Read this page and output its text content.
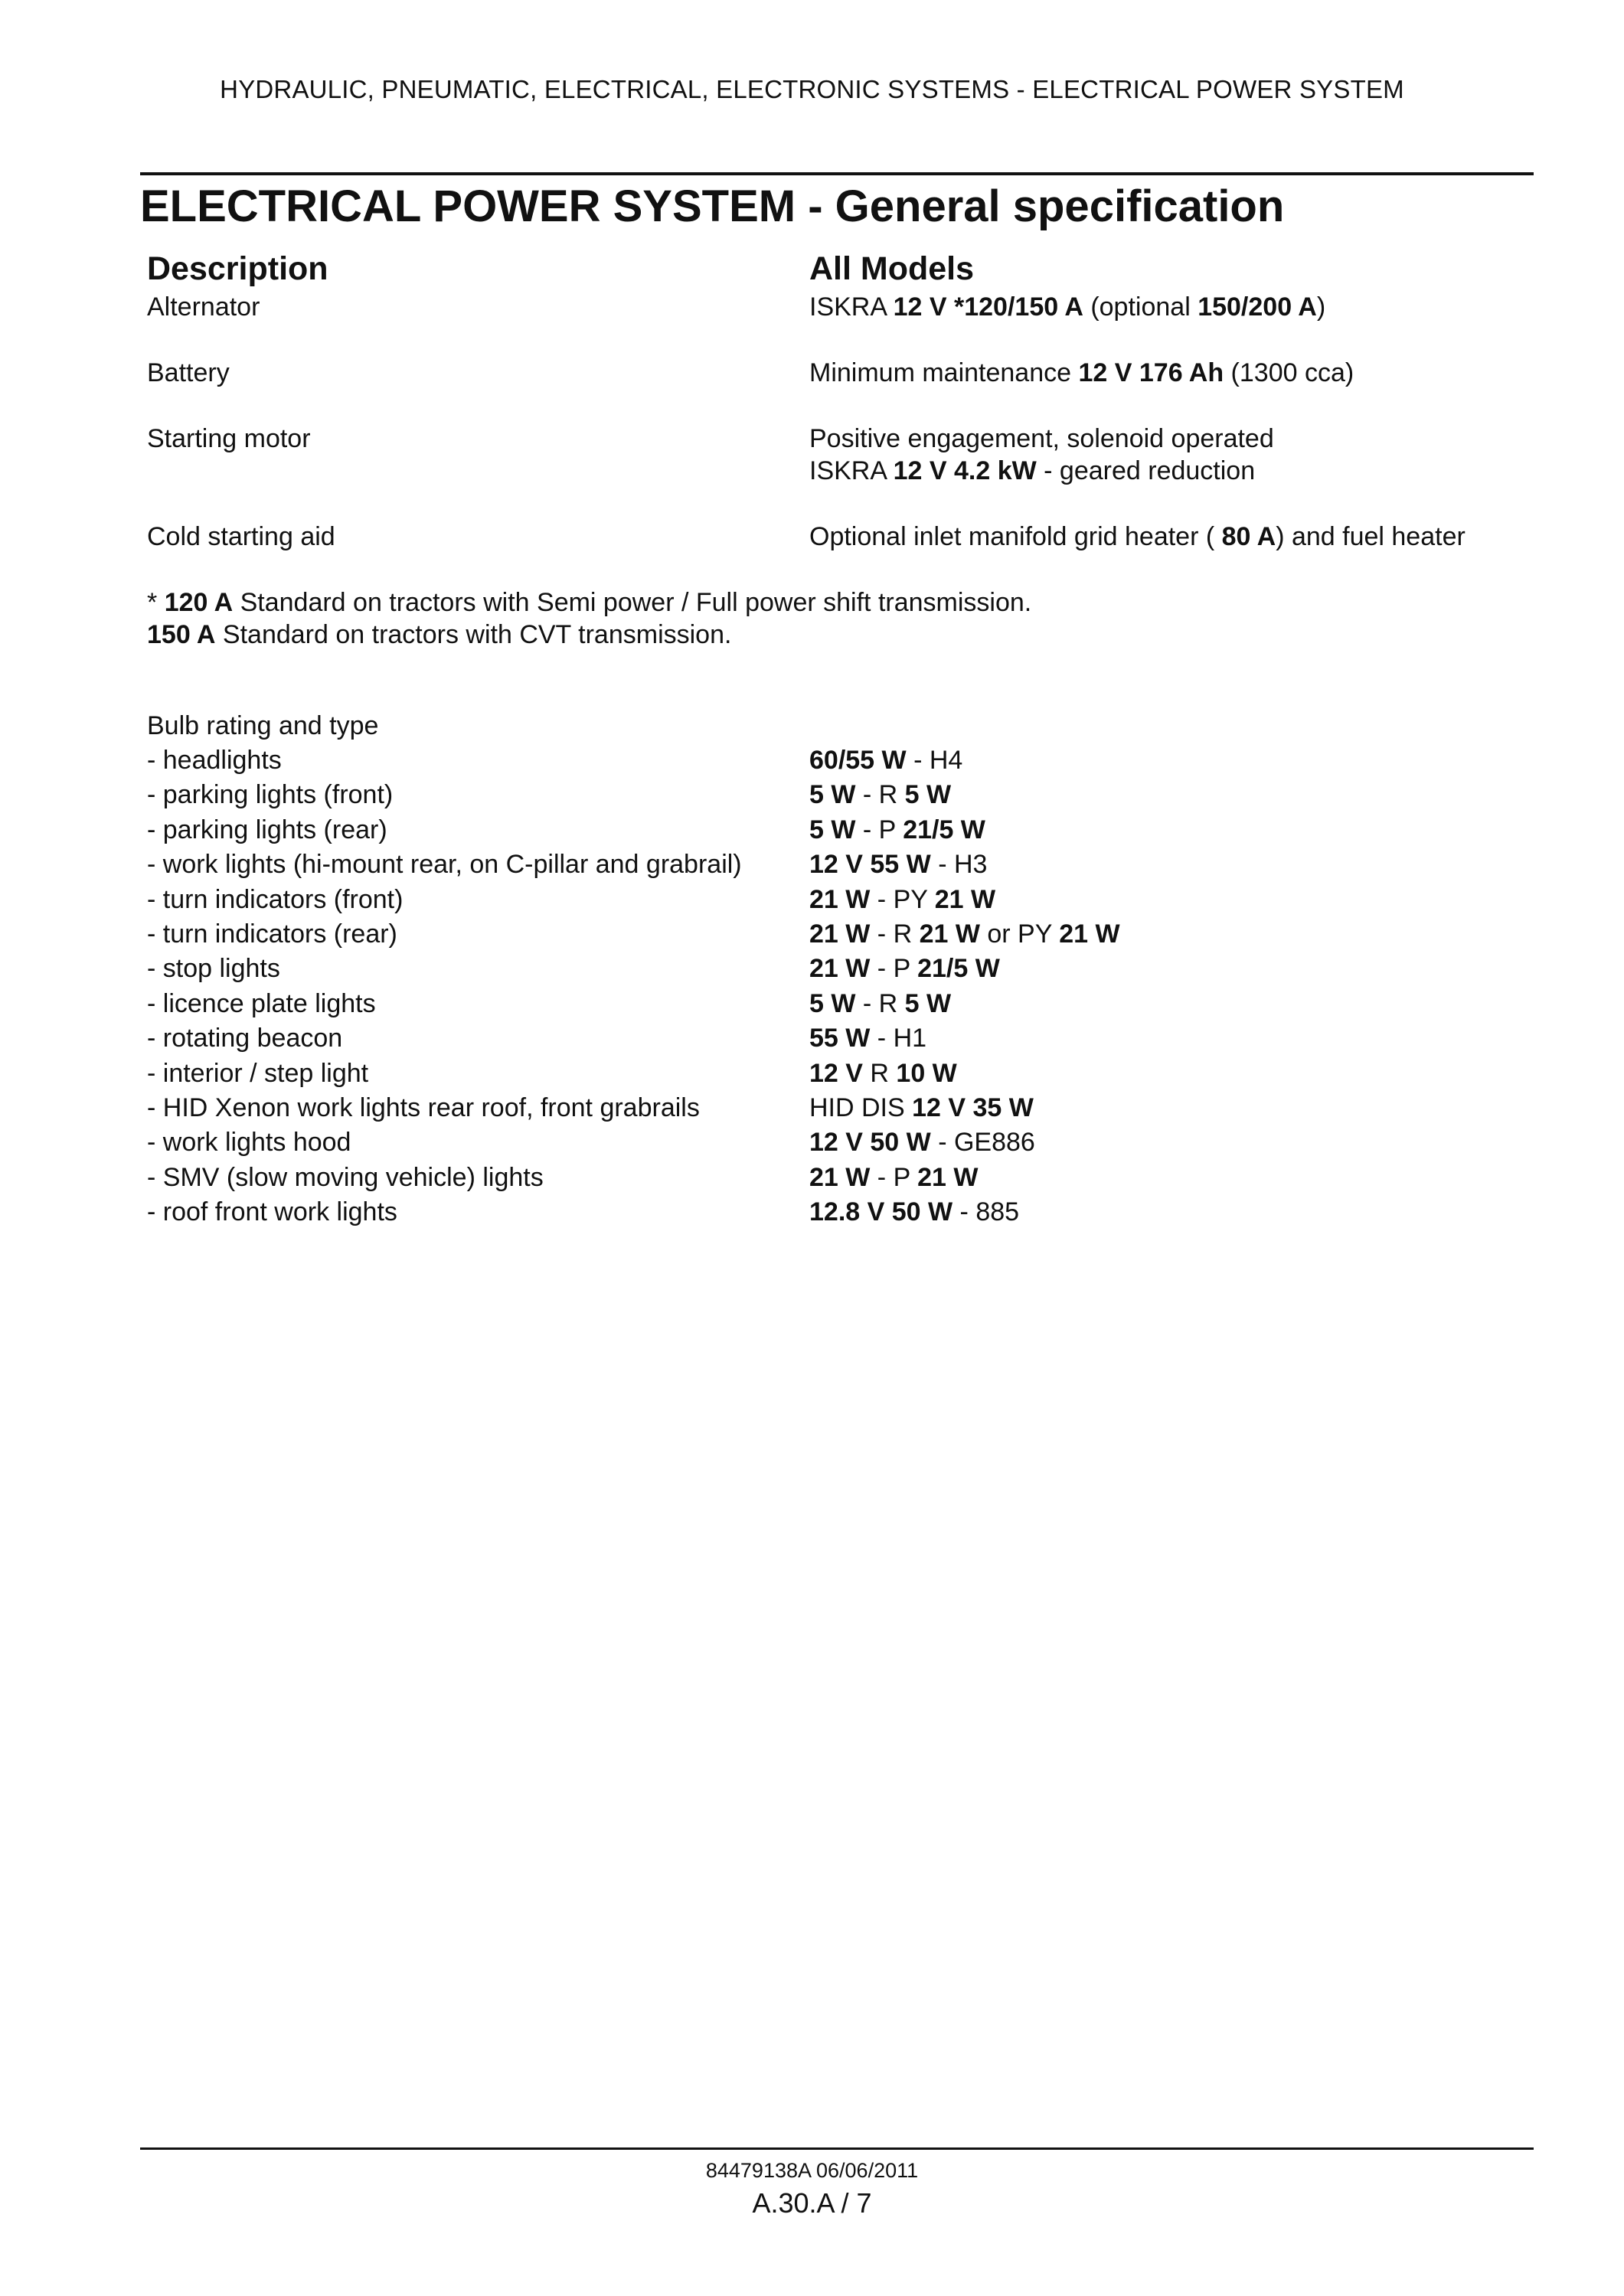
HYDRAULIC, PNEUMATIC, ELECTRICAL, ELECTRONIC SYSTEMS - ELECTRICAL POWER SYSTEM
ELECTRICAL POWER SYSTEM - General specification
Description	All Models
Alternator	ISKRA 12 V *120/150 A (optional 150/200 A)
Battery	Minimum maintenance 12 V 176 Ah (1300 cca)
Starting motor	Positive engagement, solenoid operated
ISKRA 12 V 4.2 kW - geared reduction
Cold starting aid	Optional inlet manifold grid heater ( 80 A) and fuel heater
* 120 A Standard on tractors with Semi power / Full power shift transmission.
150 A Standard on tractors with CVT transmission.
Bulb rating and type
- headlights	60/55 W - H4
- parking lights (front)	5 W - R 5 W
- parking lights (rear)	5 W - P 21/5 W
- work lights (hi-mount rear, on C-pillar and grabrail)	12 V 55 W - H3
- turn indicators (front)	21 W - PY 21 W
- turn indicators (rear)	21 W - R 21 W or PY 21 W
- stop lights	21 W - P 21/5 W
- licence plate lights	5 W - R 5 W
- rotating beacon	55 W - H1
- interior / step light	12 V R 10 W
- HID Xenon work lights rear roof, front grabrails	HID DIS 12 V 35 W
- work lights hood	12 V 50 W - GE886
- SMV (slow moving vehicle) lights	21 W - P 21 W
- roof front work lights	12.8 V 50 W - 885
84479138A 06/06/2011
A.30.A / 7
